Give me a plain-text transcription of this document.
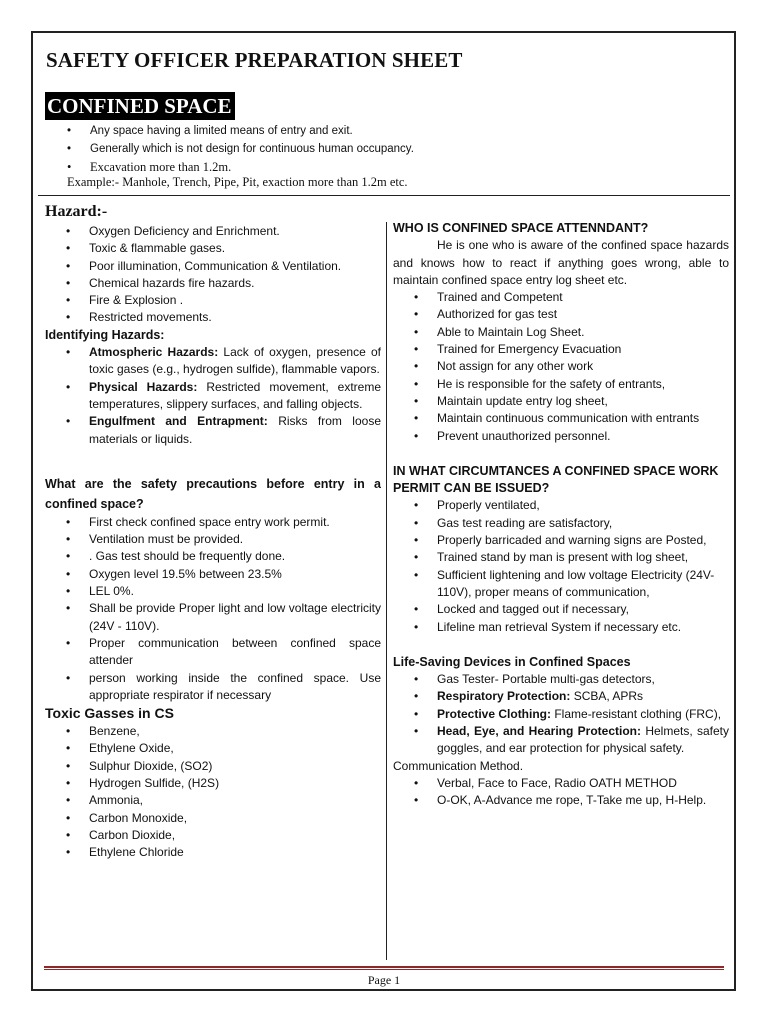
SAFETY OFFICER PREPARATION SHEET
CONFINED SPACE
• Any space having a limited means of entry and exit.
• Generally which is not design for continuous human occupancy.
• Excavation more than 1.2m.
Example:- Manhole, Trench, Pipe, Pit, exaction more than 1.2m etc.
Hazard:-
• Oxygen Deficiency and Enrichment.
• Toxic & flammable gases.
• Poor illumination, Communication & Ventilation.
• Chemical hazards fire hazards.
• Fire & Explosion .
• Restricted movements.

Identifying Hazards:

• Atmospheric Hazards: Lack of oxygen, presence of toxic gases (e.g., hydrogen sulfide), flammable vapors.
• Physical Hazards: Restricted movement, extreme temperatures, slippery surfaces, and falling objects.
• Engulfment and Entrapment: Risks from loose materials or liquids.

What are the safety precautions before entry in a confined space?

• First check confined space entry work permit.
• Ventilation must be provided.
• . Gas test should be frequently done.
• Oxygen level 19.5% between 23.5%
• LEL 0%.
• Shall be provide Proper light and low voltage electricity (24V - 110V).
• Proper communication between confined space attender
• person working inside the confined space. Use appropriate respirator if necessary

Toxic Gasses in CS

• Benzene,
• Ethylene Oxide,
• Sulphur Dioxide, (SO2)
• Hydrogen Sulfide, (H2S)
• Ammonia,
• Carbon Monoxide,
• Carbon Dioxide,
• Ethylene Chloride

WHO IS CONFINED SPACE ATTENNDANT?

He is one who is aware of the confined space hazards and knows how to react if anything goes wrong, able to maintain confined space entry log sheet etc.

• Trained and Competent
• Authorized for gas test
• Able to Maintain Log Sheet.
• Trained for Emergency Evacuation
• Not assign for any other work
• He is responsible for the safety of entrants,
• Maintain update entry log sheet,
• Maintain continuous communication with entrants
• Prevent unauthorized personnel.

IN WHAT CIRCUMTANCES A CONFINED SPACE WORK PERMIT CAN BE ISSUED?

• Properly ventilated,
• Gas test reading are satisfactory,
• Properly barricaded and warning signs are Posted,
• Trained stand by man is present with log sheet,
• Sufficient lightening and low voltage Electricity (24V-110V), proper means of communication,
• Locked and tagged out if necessary,
• Lifeline man retrieval System if necessary etc.

Life-Saving Devices in Confined Spaces

• Gas Tester- Portable multi-gas detectors,
• Respiratory Protection: SCBA, APRs
• Protective Clothing: Flame-resistant clothing (FRC),
• Head, Eye, and Hearing Protection: Helmets, safety goggles, and ear protection for physical safety.

Communication Method.

• Verbal, Face to Face, Radio OATH METHOD
• O-OK, A-Advance me rope, T-Take me up, H-Help.
Page 1
